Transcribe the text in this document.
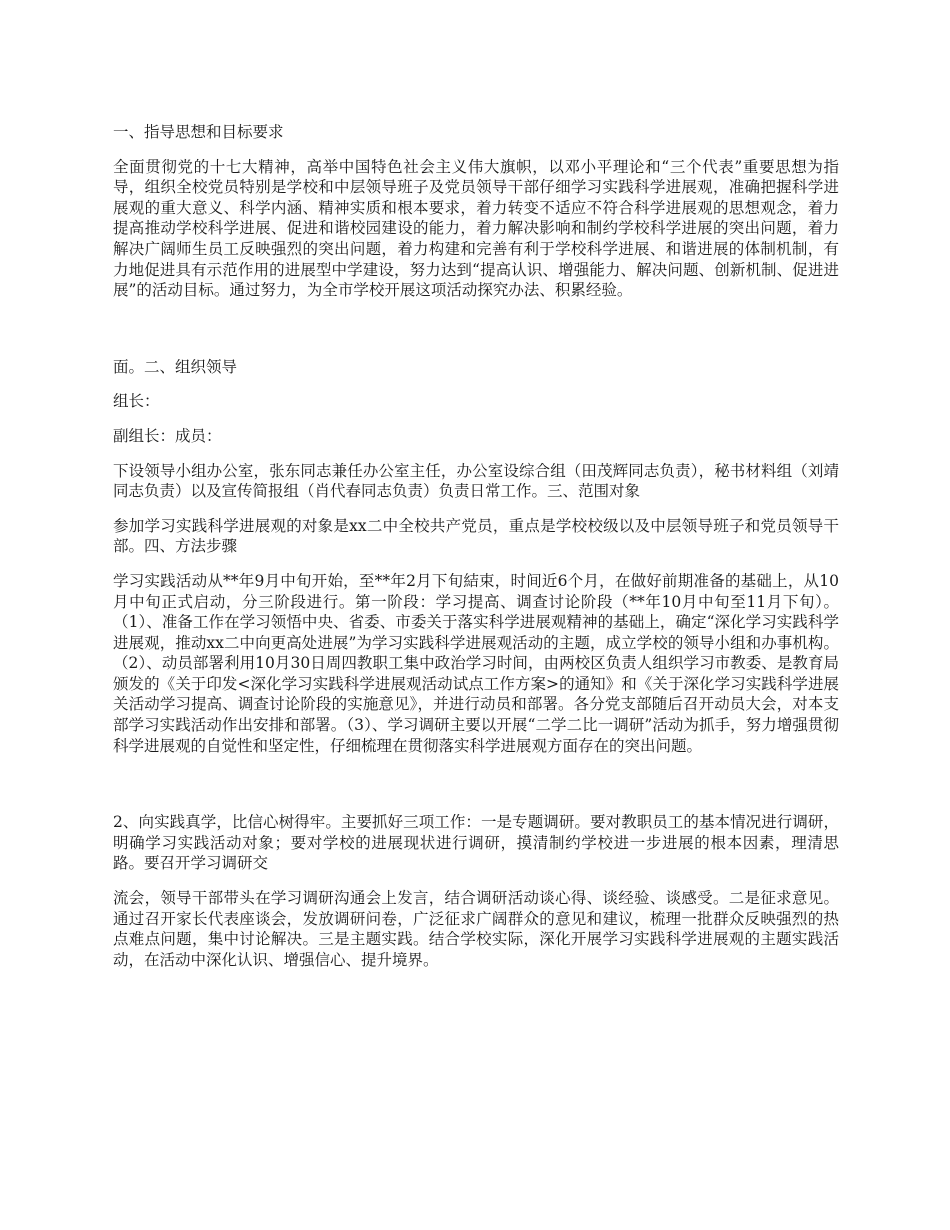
一、指导思想和目标要求

全面贯彻党的十七大精神，高举中国特色社会主义伟大旗帜，以邓小平理论和“三个代表”重要思想为指导，组织全校党员特别是学校和中层领导班子及党员领导干部仔细学习实践科学进展观，准确把握科学进展观的重大意义、科学内涵、精神实质和根本要求，着力转变不适应不符合科学进展观的思想观念，着力提高推动学校科学进展、促进和谐校园建设的能力，着力解决影响和制约学校科学进展的突出问题，着力解决广阔师生员工反映强烈的突出问题，着力构建和完善有利于学校科学进展、和谐进展的体制机制，有力地促进具有示范作用的进展型中学建设，努力达到“提高认识、增强能力、解决问题、创新机制、促进进展”的活动目标。通过努力，为全市学校开展这项活动探究办法、积累经验。

面。二、组织领导

组长：

副组长：成员：

下设领导小组办公室，张东同志兼任办公室主任，办公室设综合组（田茂辉同志负责），秘书材料组（刘靖同志负责）以及宣传简报组（肖代春同志负责）负责日常工作。三、范围对象

参加学习实践科学进展观的对象是xx二中全校共产党员，重点是学校校级以及中层领导班子和党员领导干部。四、方法步骤

学习实践活动从**年9月中旬开始，至**年2月下旬結束，时间近6个月，在做好前期准备的基础上，从10月中旬正式启动，分三阶段进行。第一阶段：学习提高、调查讨论阶段（**年10月中旬至11月下旬）。（1）、准备工作在学习领悟中央、省委、市委关于落实科学进展观精神的基础上，确定“深化学习实践科学进展观，推动xx二中向更高处进展”为学习实践科学进展观活动的主题，成立学校的领导小组和办事机构。（2）、动员部署利用10月30日周四教职工集中政治学习时间，由两校区负责人组织学习市教委、是教育局颁发的《关于印发<深化学习实践科学进展观活动试点工作方案>的通知》和《关于深化学习实践科学进展关活动学习提高、调查讨论阶段的实施意见》，并进行动员和部署。各分党支部随后召开动员大会，对本支部学习实践活动作出安排和部署。（3）、学习调研主要以开展“二学二比一调研”活动为抓手，努力增强贯彻科学进展观的自觉性和坚定性，仔细梳理在贯彻落实科学进展观方面存在的突出问题。

2、向实践真学，比信心树得牢。主要抓好三项工作：一是专题调研。要对教职员工的基本情况进行调研，明确学习实践活动对象；要对学校的进展现状进行调研，摸清制约学校进一步进展的根本因素，理清思路。要召开学习调研交

流会，领导干部带头在学习调研沟通会上发言，结合调研活动谈心得、谈经验、谈感受。二是征求意见。通过召开家长代表座谈会，发放调研问卷，广泛征求广阔群众的意见和建议，梳理一批群众反映强烈的热点难点问题，集中讨论解决。三是主题实践。结合学校实际，深化开展学习实践科学进展观的主题实践活动，在活动中深化认识、增强信心、提升境界。
